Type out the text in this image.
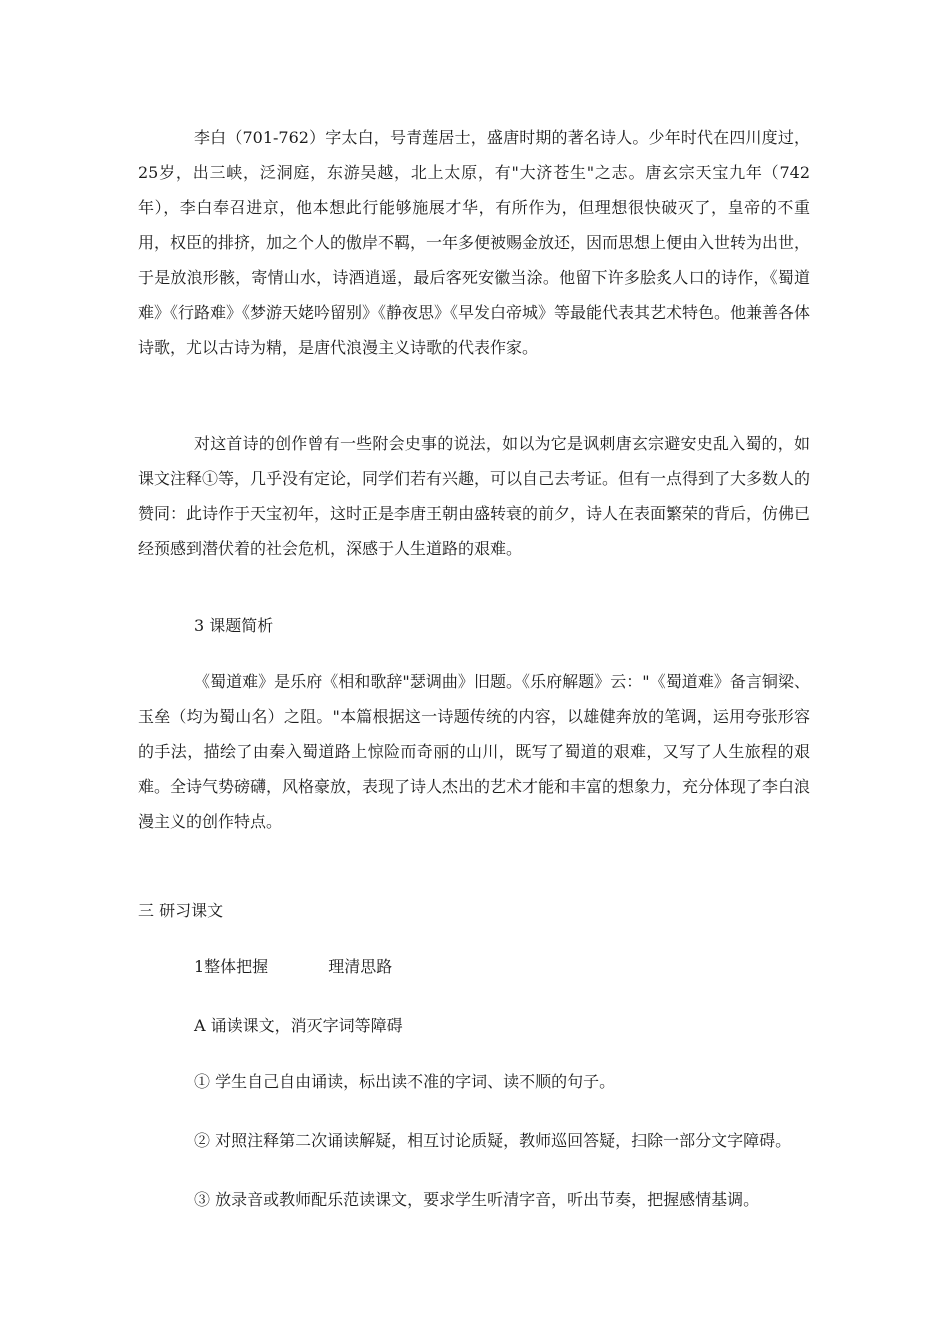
李白（701-762）字太白，号青莲居士，盛唐时期的著名诗人。少年时代在四川度过，25岁，出三峡，泛洞庭，东游吴越，北上太原，有"大济苍生"之志。唐玄宗天宝九年（742年），李白奉召进京，他本想此行能够施展才华，有所作为，但理想很快破灭了，皇帝的不重用，权臣的排挤，加之个人的傲岸不羁，一年多便被赐金放还，因而思想上便由入世转为出世，于是放浪形骸，寄情山水，诗酒逍遥，最后客死安徽当涂。他留下许多脍炙人口的诗作，《蜀道难》《行路难》《梦游天姥吟留别》《静夜思》《早发白帝城》等最能代表其艺术特色。他兼善各体诗歌，尤以古诗为精，是唐代浪漫主义诗歌的代表作家。

对这首诗的创作曾有一些附会史事的说法，如以为它是讽刺唐玄宗避安史乱入蜀的，如课文注释①等，几乎没有定论，同学们若有兴趣，可以自己去考证。但有一点得到了大多数人的赞同：此诗作于天宝初年，这时正是李唐王朝由盛转衰的前夕，诗人在表面繁荣的背后，仿佛已经预感到潜伏着的社会危机，深感于人生道路的艰难。

3 课题简析

《蜀道难》是乐府《相和歌辞"瑟调曲》旧题。《乐府解题》云："《蜀道难》备言铜梁、玉垒（均为蜀山名）之阻。"本篇根据这一诗题传统的内容，以雄健奔放的笔调，运用夸张形容的手法，描绘了由秦入蜀道路上惊险而奇丽的山川，既写了蜀道的艰难，又写了人生旅程的艰难。全诗气势磅礴，风格豪放，表现了诗人杰出的艺术才能和丰富的想象力，充分体现了李白浪漫主义的创作特点。

三 研习课文

1整体把握	理清思路

A 诵读课文，消灭字词等障碍

① 学生自己自由诵读，标出读不准的字词、读不顺的句子。

② 对照注释第二次诵读解疑，相互讨论质疑，教师巡回答疑，扫除一部分文字障碍。

③ 放录音或教师配乐范读课文，要求学生听清字音，听出节奏，把握感情基调。
